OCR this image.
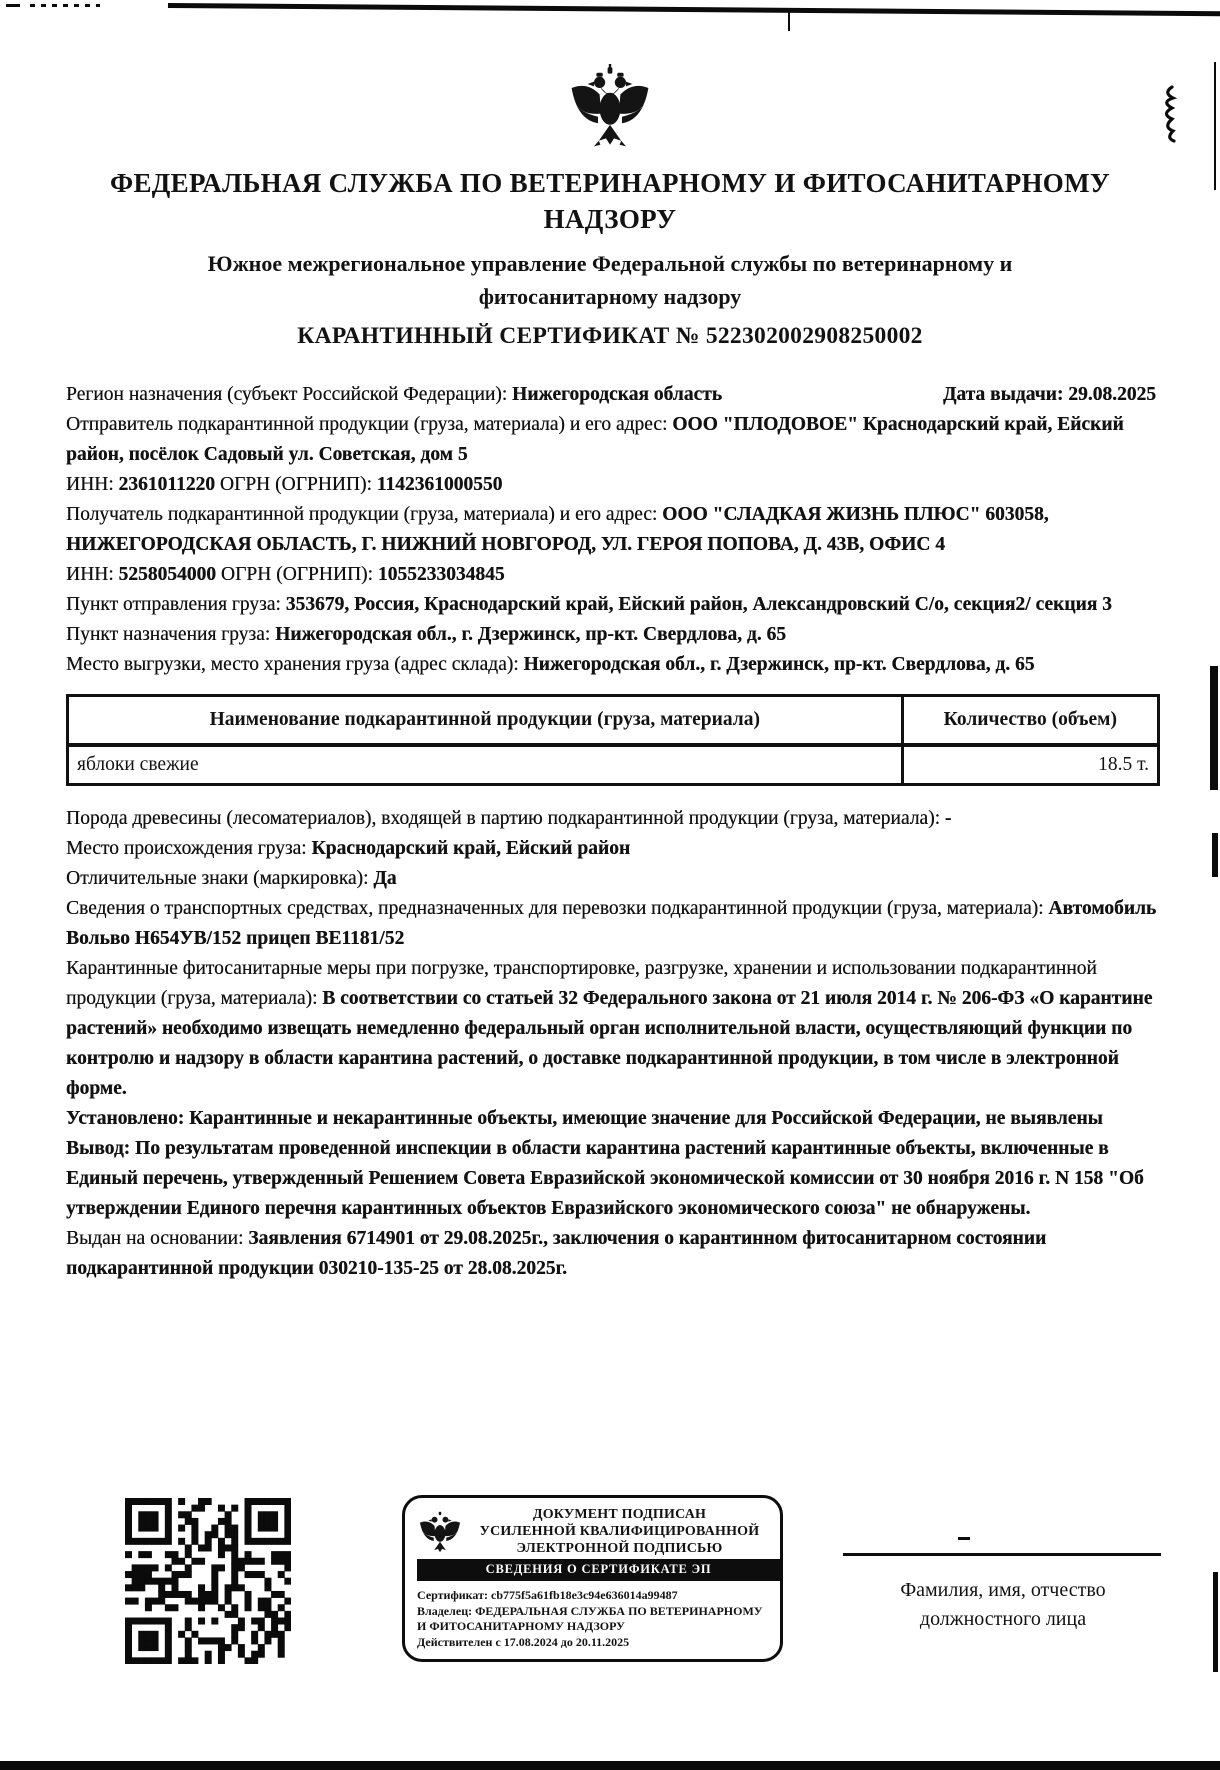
ФЕДЕРАЛЬНАЯ СЛУЖБА ПО ВЕТЕРИНАРНОМУ И ФИТОСАНИТАРНОМУ НАДЗОРУ
Южное межрегиональное управление Федеральной службы по ветеринарному и фитосанитарному надзору
КАРАНТИННЫЙ СЕРТИФИКАТ № 522302002908250002

Дата выдачи: 29.08.2025
Регион назначения (субъект Российской Федерации): Нижегородская область

Отправитель подкарантинной продукции (груза, материала) и его адрес: ООО "ПЛОДОВОЕ" Краснодарский край, Ейский район, посёлок Садовый ул. Советская, дом 5

ИНН: 2361011220 ОГРН (ОГРНИП): 1142361000550

Получатель подкарантинной продукции (груза, материала) и его адрес: ООО "СЛАДКАЯ ЖИЗНЬ ПЛЮС" 603058, НИЖЕГОРОДСКАЯ ОБЛАСТЬ, Г. НИЖНИЙ НОВГОРОД, УЛ. ГЕРОЯ ПОПОВА, Д. 43В, ОФИС 4

ИНН: 5258054000 ОГРН (ОГРНИП): 1055233034845

Пункт отправления груза: 353679, Россия, Краснодарский край, Ейский район, Александровский С/о, секция2/ секция 3

Пункт назначения груза: Нижегородская обл., г. Дзержинск, пр-кт. Свердлова, д. 65

Место выгрузки, место хранения груза (адрес склада): Нижегородская обл., г. Дзержинск, пр-кт. Свердлова, д. 65

Наименование подкарантинной продукции (груза, материала)	Количество (объем)
яблоки свежие	18.5 т.

Порода древесины (лесоматериалов), входящей в партию подкарантинной продукции (груза, материала): -

Место происхождения груза: Краснодарский край, Ейский район

Отличительные знаки (маркировка): Да

Сведения о транспортных средствах, предназначенных для перевозки подкарантинной продукции (груза, материала): Автомобиль Вольво Н654УВ/152 прицеп ВЕ1181/52

Карантинные фитосанитарные меры при погрузке, транспортировке, разгрузке, хранении и использовании подкарантинной продукции (груза, материала): В соответствии со статьей 32 Федерального закона от 21 июля 2014 г. № 206-ФЗ «О карантине растений» необходимо извещать немедленно федеральный орган исполнительной власти, осуществляющий функции по контролю и надзору в области карантина растений, о доставке подкарантинной продукции, в том числе в электронной форме.

Установлено: Карантинные и некарантинные объекты, имеющие значение для Российской Федерации, не выявлены

Вывод: По результатам проведенной инспекции в области карантина растений карантинные объекты, включенные в Единый перечень, утвержденный Решением Совета Евразийской экономической комиссии от 30 ноября 2016 г. N 158 "Об утверждении Единого перечня карантинных объектов Евразийского экономического союза" не обнаружены.

Выдан на основании: Заявления 6714901 от 29.08.2025г., заключения о карантинном фитосанитарном состоянии подкарантинной продукции 030210-135-25 от 28.08.2025г.

ДОКУМЕНТ ПОДПИСАН
УСИЛЕННОЙ КВАЛИФИЦИРОВАННОЙ
ЭЛЕКТРОННОЙ ПОДПИСЬЮ
СВЕДЕНИЯ О СЕРТИФИКАТЕ ЭП
Сертификат: cb775f5a61fb18e3c94e636014a99487
Владелец: ФЕДЕРАЛЬНАЯ СЛУЖБА ПО ВЕТЕРИНАРНОМУ И ФИТОСАНИТАРНОМУ НАДЗОРУ
Действителен с 17.08.2024 до 20.11.2025

Фамилия, имя, отчество должностного лица
